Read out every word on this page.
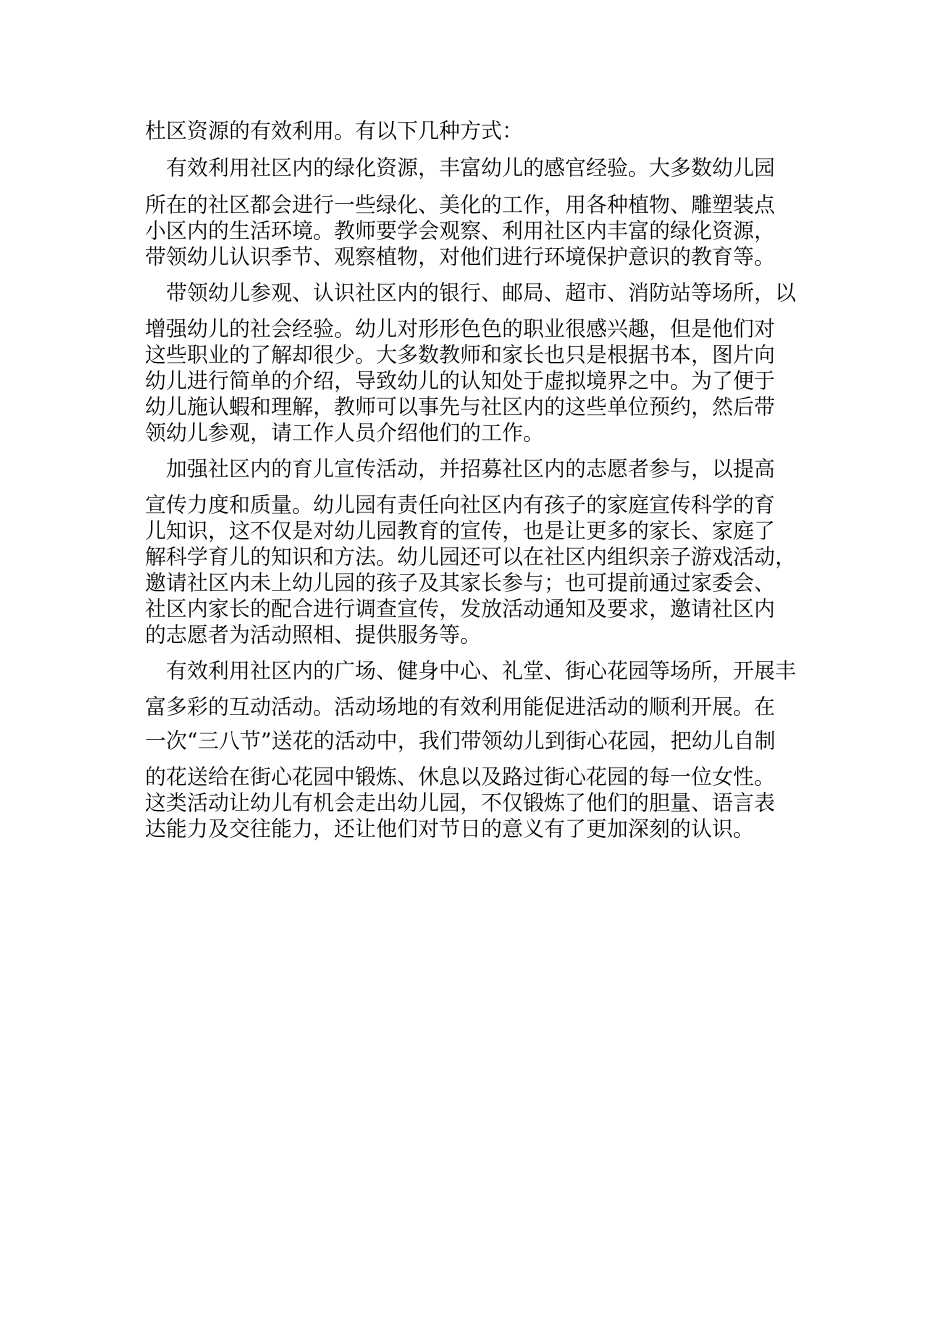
杜区资源的有效利用。有以下几种方式：
有效利用社区内的绿化资源，丰富幼儿的感官经验。大多数幼儿园
所在的社区都会进行一些绿化、美化的工作，用各种植物、雕塑装点
小区内的生活环境。教师要学会观察、利用社区内丰富的绿化资源，
带领幼儿认识季节、观察植物，对他们进行环境保护意识的教育等。
带领幼儿参观、认识社区内的银行、邮局、超市、消防站等场所，以
增强幼儿的社会经验。幼儿对形形色色的职业很感兴趣，但是他们对
这些职业的了解却很少。大多数教师和家长也只是根据书本，图片向
幼儿进行简单的介绍，导致幼儿的认知处于虚拟境界之中。为了便于
幼儿施认蝦和理解，教师可以事先与社区内的这些单位预约，然后带
领幼儿参观，请工作人员介绍他们的工作。
加强社区内的育儿宣传活动，并招募社区内的志愿者参与，以提高
宣传力度和质量。幼儿园有责任向社区内有孩子的家庭宣传科学的育
儿知识，这不仅是对幼儿园教育的宣传，也是让更多的家长、家庭了
解科学育儿的知识和方法。幼儿园还可以在社区内组织亲子游戏活动，
邀请社区内未上幼儿园的孩子及其家长参与；也可提前通过家委会、
社区内家长的配合进行调查宣传，发放活动通知及要求，邀请社区内
的志愿者为活动照相、提供服务等。
有效利用社区内的广场、健身中心、礼堂、街心花园等场所，开展丰
富多彩的互动活动。活动场地的有效利用能促进活动的顺利开展。在
一次“三八节”送花的活动中，我们带领幼儿到街心花园，把幼儿自制
的花送给在街心花园中锻炼、休息以及路过街心花园的每一位女性。
这类活动让幼儿有机会走出幼儿园，不仅锻炼了他们的胆量、语言表
达能力及交往能力，还让他们对节日的意义有了更加深刻的认识。
